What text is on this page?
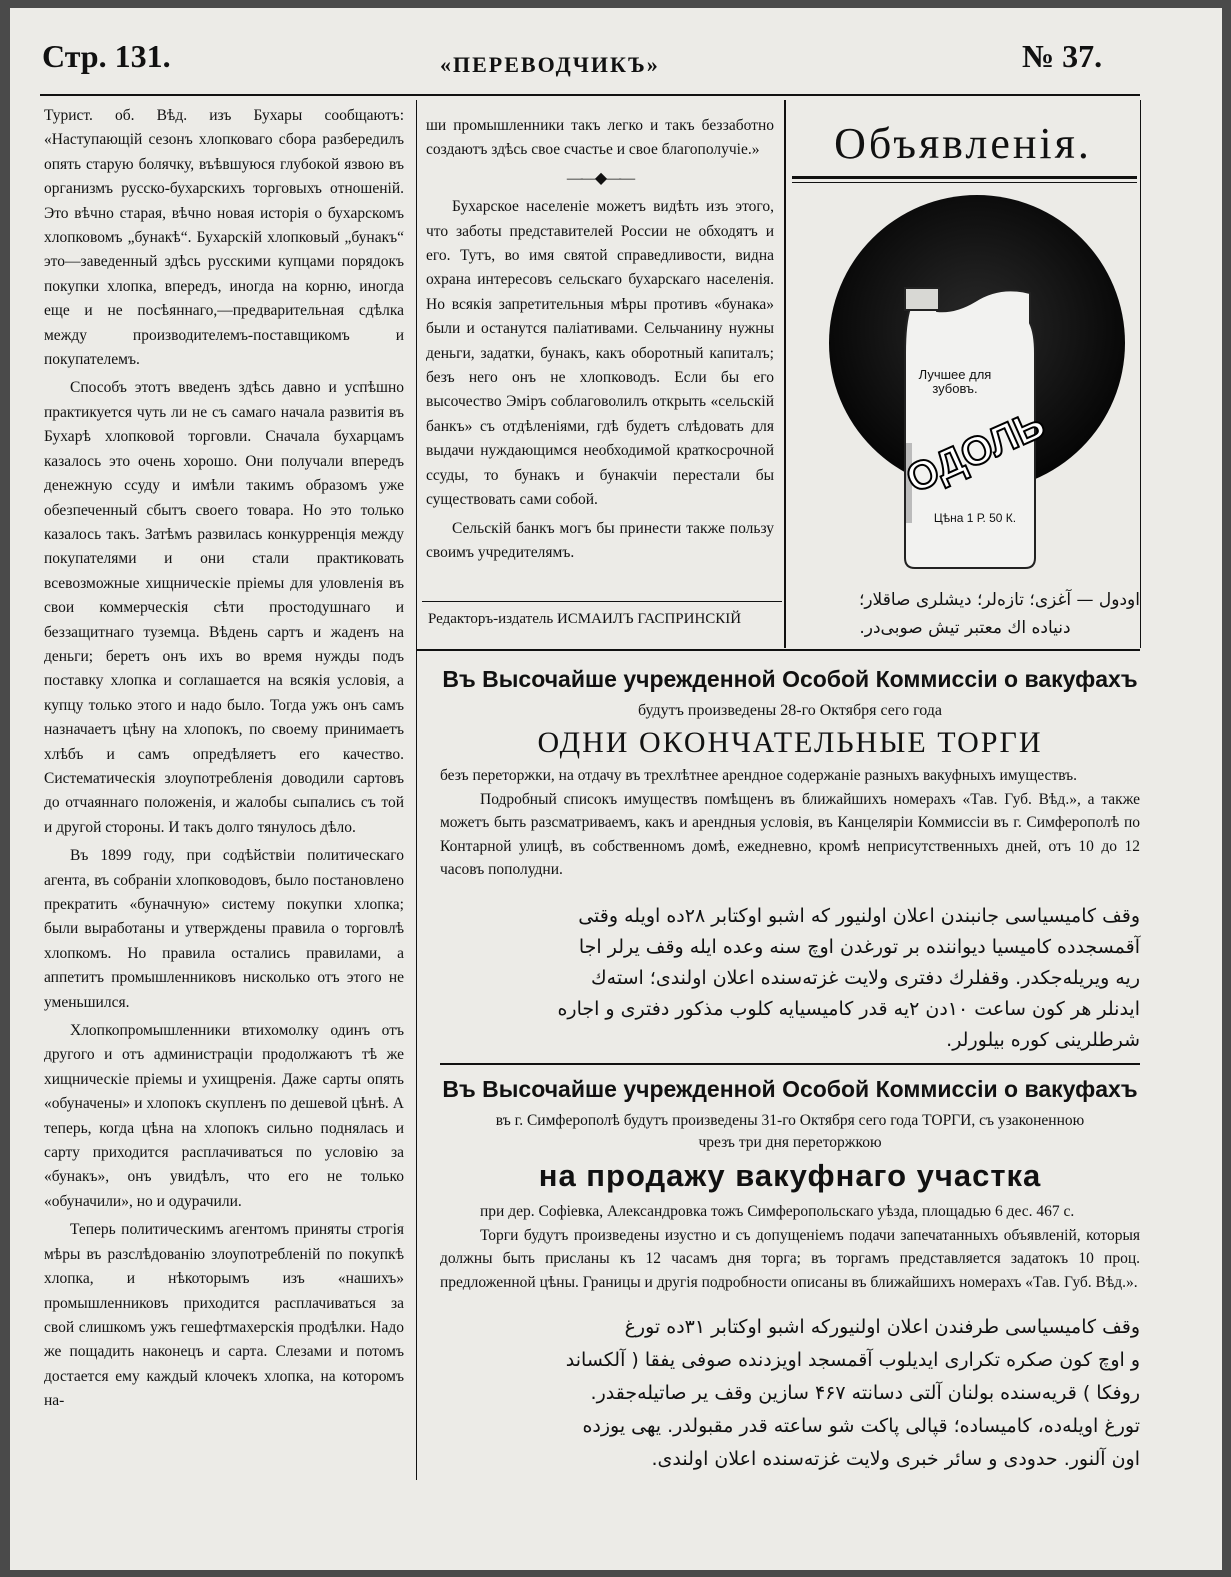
Стр. 131.	«ПЕРЕВОДЧИКЪ»	№ 37.

Турист. об. Вѣд. изъ Бухары сообщаютъ: «Наступающій сезонъ хлопковаго сбора разбередилъ опять старую болячку, въѣвшуюся глубокой язвою въ организмъ русско-бухарскихъ торговыхъ отношеній. Это вѣчно старая, вѣчно новая исторія о бухарскомъ хлопковомъ „бунакѣ“. Бухарскій хлопковый „бунакъ“ это—заведенный здѣсь русскими купцами порядокъ покупки хлопка, впередъ, иногда на корню, иногда еще и не посѣяннаго,—предварительная сдѣлка между производителемъ-поставщикомъ и покупателемъ.

Способъ этотъ введенъ здѣсь давно и успѣшно практикуется чуть ли не съ самаго начала развитія въ Бухарѣ хлопковой торговли. Сначала бухарцамъ казалось это очень хорошо. Они получали впередъ денежную ссуду и имѣли такимъ образомъ уже обезпеченный сбытъ своего товара. Но это только казалось такъ. Затѣмъ развилась конкурренція между покупателями и они стали практиковать всевозможные хищническіе пріемы для уловленія въ свои коммерческія сѣти простодушнаго и беззащитнаго туземца. Вѣдень сартъ и жаденъ на деньги; беретъ онъ ихъ во время нужды подъ поставку хлопка и соглашается на всякія условія, а купцу только этого и надо было. Тогда ужъ онъ самъ назначаетъ цѣну на хлопокъ, по своему принимаетъ хлѣбъ и самъ опредѣляетъ его качество. Систематическія злоупотребленія доводили сартовъ до отчаяннаго положенія, и жалобы сыпались съ той и другой стороны. И такъ долго тянулось дѣло.

Въ 1899 году, при содѣйствіи политическаго агента, въ собраніи хлопководовъ, было постановлено прекратить «буначную» систему покупки хлопка; были выработаны и утверждены правила о торговлѣ хлопкомъ. Но правила остались правилами, а аппетитъ промышленниковъ нисколько отъ этого не уменьшился.

Хлопкопромышленники втихомолку одинъ отъ другого и отъ администраціи продолжаютъ тѣ же хищническіе пріемы и ухищренія. Даже сарты опять «обуначены» и хлопокъ скупленъ по дешевой цѣнѣ. А теперь, когда цѣна на хлопокъ сильно поднялась и сарту приходится расплачиваться по условію за «бунакъ», онъ увидѣлъ, что его не только «обуначили», но и одурачили.

Теперь политическимъ агентомъ приняты строгія мѣры въ разслѣдованію злоупотребленій по покупкѣ хлопка, и нѣкоторымъ изъ «нашихъ» промышленниковъ приходится расплачиваться за свой слишкомъ ужъ гешефтмахерскія продѣлки. Надо же пощадить наконецъ и сарта. Слезами и потомъ достается ему каждый клочекъ хлопка, на которомъ на-

ши промышленники такъ легко и такъ беззаботно создаютъ здѣсь свое счастье и свое благополучіе.»

——◆——

Бухарское населеніе можетъ видѣть изъ этого, что заботы представителей России не обходятъ и его. Тутъ, во имя святой справедливости, видна охрана интересовъ сельскаго бухарскаго населенія. Но всякія запретительныя мѣры противъ «бунака» были и останутся паліативами. Сельчанину нужны деньги, задатки, бунакъ, какъ оборотный капиталъ; безъ него онъ не хлопководъ. Если бы его высочество Эміръ соблаговолилъ открыть «сельскій банкъ» съ отдѣленіями, гдѣ будетъ слѣдовать для выдачи нуждающимся необходимой краткосрочной ссуды, то бунакъ и бунакчіи перестали бы существовать сами собой.

Сельскій банкъ могъ бы принести также пользу своимъ учредителямъ.

Редакторъ-издатель ИСМАИЛЪ ГАСПРИНСКІЙ
Объявленія.
Лучшее для зубовъ.
ОДОЛЬ
Цѣна 1 Р. 50 К.
اودول — آغزى؛ تازەلر؛ ديشلرى صاقلار؛
دنياده اك معتبر تيش صوبى‌در.
Въ Высочайше учрежденной Особой Коммиссіи о вакуфахъ
будутъ произведены 28-го Октября сего года
ОДНИ ОКОНЧАТЕЛЬНЫЕ ТОРГИ

безъ переторжки, на отдачу въ трехлѣтнее арендное содержаніе разныхъ вакуфныхъ имуществъ.

Подробный списокъ имуществъ помѣщенъ въ ближайшихъ номерахъ «Тав. Губ. Вѣд.», а также можетъ быть разсматриваемъ, какъ и арендныя условія, въ Канцеляріи Коммиссіи въ г. Симферополѣ по Контарной улицѣ, въ собственномъ домѣ, ежедневно, кромѣ неприсутственныхъ дней, отъ 10 до 12 часовъ пополудни.

وقف كاميسياسى جانبندن اعلان اولنيور كه اشبو اوكتابر ۲۸ده اويله وقتى
آقمسجدده كاميسيا ديوانندە بر تورغدن اوچ سنه وعده ايله وقف يرلر اجا
ريه ويريله‌جكدر. وقفلرك دفترى ولايت غزته‌سنده اعلان اولندى؛ استه‌ك
ايدنلر هر كون ساعت ۱۰دن ۲يه قدر كاميسيايه كلوب مذكور دفترى و اجاره
شرطلرينى كوره بيلورلر.
Въ Высочайше учрежденной Особой Коммиссіи о вакуфахъ
въ г. Симферополѣ будутъ произведены 31-го Октября сего года ТОРГИ, съ узаконенною
чрезъ три дня переторжкою
на продажу вакуфнаго участка

при дер. Софіевка, Александровка тожъ Симферопольскаго уѣзда, площадью 6 дес. 467 с.

Торги будутъ произведены изустно и съ допущеніемъ подачи запечатанныхъ объявленій, которыя должны быть присланы къ 12 часамъ дня торга; въ торгамъ представляется задатокъ 10 проц. предложенной цѣны. Границы и другія подробности описаны въ ближайшихъ номерахъ «Тав. Губ. Вѣд.».

وقف كاميسياسى طرفندن اعلان اولنيوركه اشبو اوكتابر ۳۱ده تورغ
و اوچ كون صكره تكرارى ايديلوب آقمسجد اويزدنده صوفى يفقا ( آلكساند
روفكا ) قريه‌سنده بولنان آلتى دسانته ۴۶۷ سازين وقف ير صاتيله‌جقدر.
تورغ اويله‌ده، كاميساده؛ قپالى پاكت شو ساعته قدر مقبولدر. يهى يوزده
اون آلنور. حدودى و سائر خبرى ولايت غزته‌سنده اعلان اولندى.
